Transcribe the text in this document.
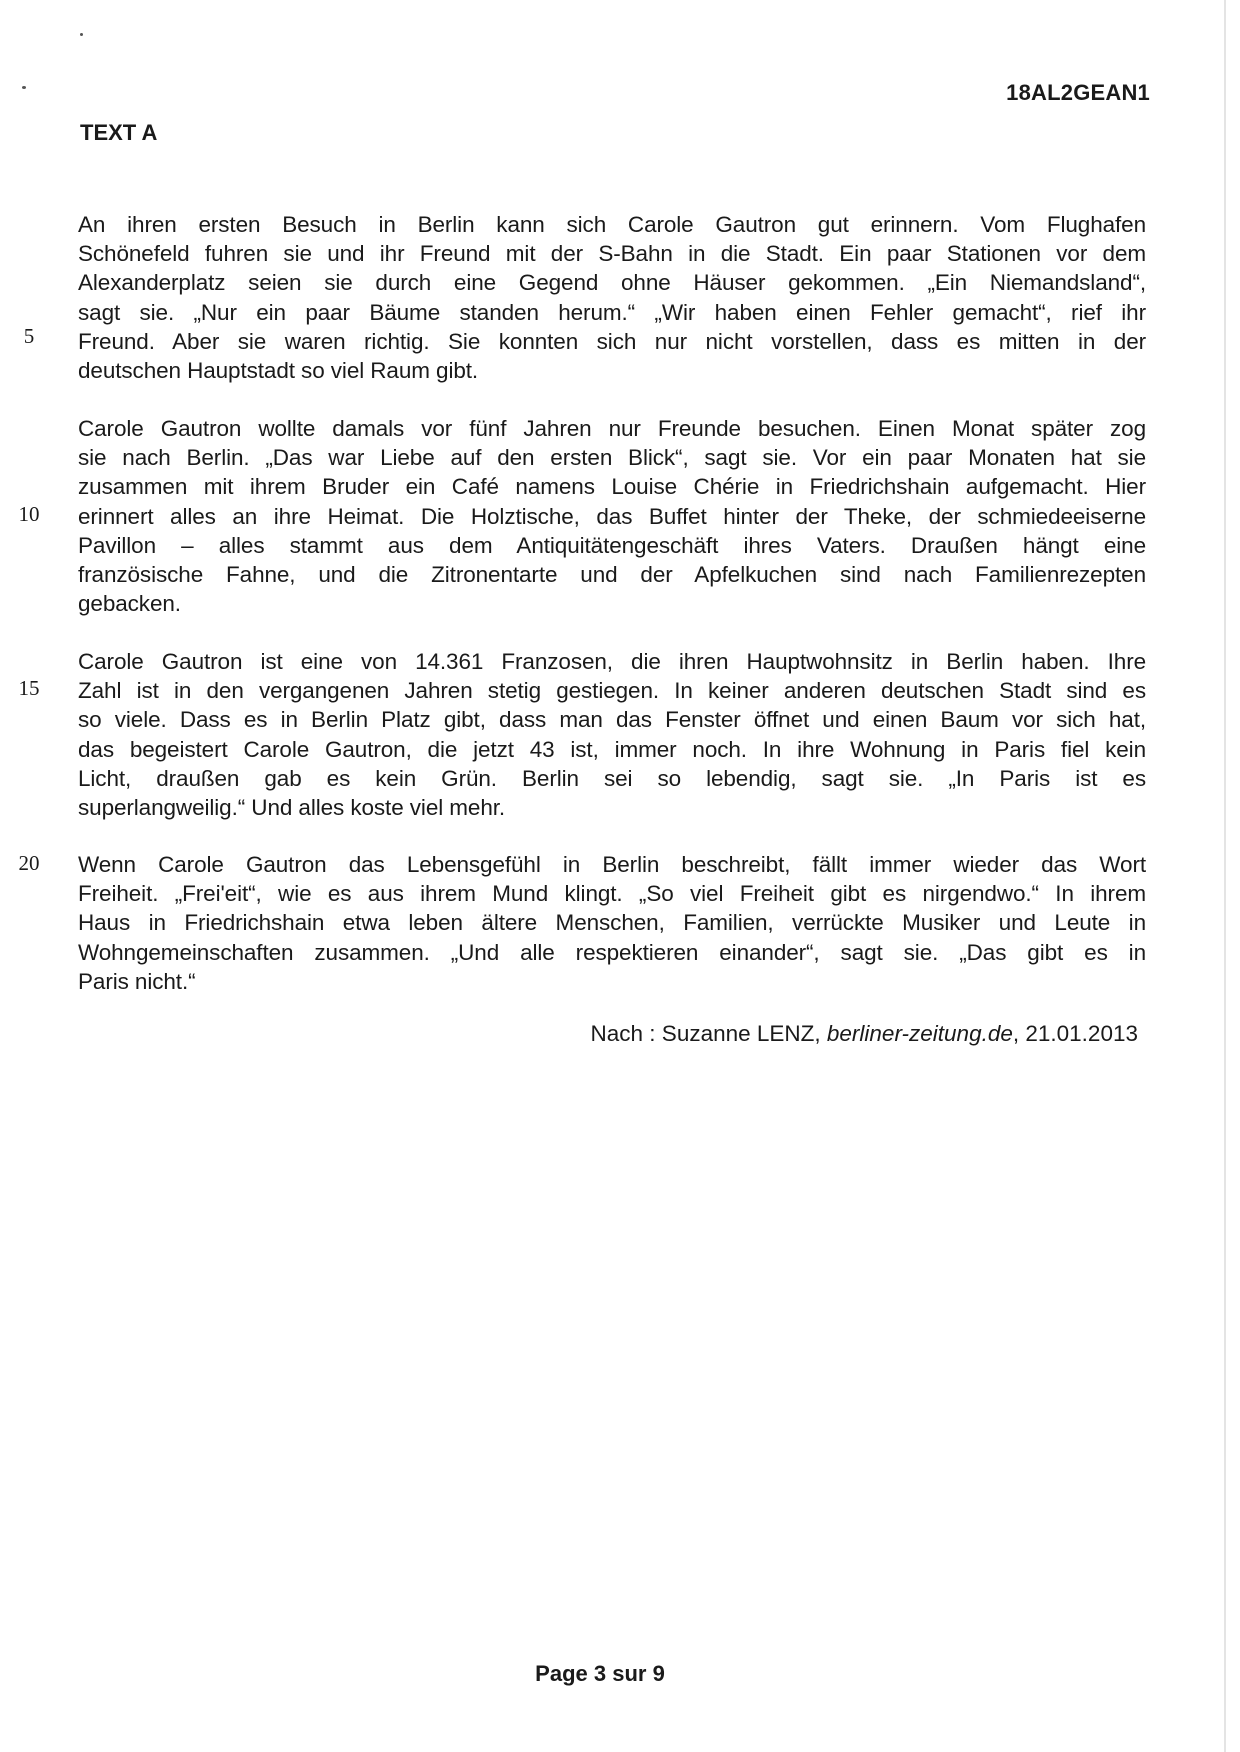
18AL2GEAN1
TEXT A
An ihren ersten Besuch in Berlin kann sich Carole Gautron gut erinnern. Vom Flughafen
Schönefeld fuhren sie und ihr Freund mit der S-Bahn in die Stadt. Ein paar Stationen vor dem
Alexanderplatz seien sie durch eine Gegend ohne Häuser gekommen. „Ein Niemandsland“,
sagt sie. „Nur ein paar Bäume standen herum.“ „Wir haben einen Fehler gemacht“, rief ihr
Freund. Aber sie waren richtig. Sie konnten sich nur nicht vorstellen, dass es mitten in der
deutschen Hauptstadt so viel Raum gibt.
Carole Gautron wollte damals vor fünf Jahren nur Freunde besuchen. Einen Monat später zog
sie nach Berlin. „Das war Liebe auf den ersten Blick“, sagt sie. Vor ein paar Monaten hat sie
zusammen mit ihrem Bruder ein Café namens Louise Chérie in Friedrichshain aufgemacht. Hier
erinnert alles an ihre Heimat. Die Holztische, das Buffet hinter der Theke, der schmiedeeiserne
Pavillon – alles stammt aus dem Antiquitätengeschäft ihres Vaters. Draußen hängt eine
französische Fahne, und die Zitronentarte und der Apfelkuchen sind nach Familienrezepten
gebacken.
Carole Gautron ist eine von 14.361 Franzosen, die ihren Hauptwohnsitz in Berlin haben. Ihre
Zahl ist in den vergangenen Jahren stetig gestiegen. In keiner anderen deutschen Stadt sind es
so viele. Dass es in Berlin Platz gibt, dass man das Fenster öffnet und einen Baum vor sich hat,
das begeistert Carole Gautron, die jetzt 43 ist, immer noch. In ihre Wohnung in Paris fiel kein
Licht, draußen gab es kein Grün. Berlin sei so lebendig, sagt sie. „In Paris ist es
superlangweilig.“ Und alles koste viel mehr.
Wenn Carole Gautron das Lebensgefühl in Berlin beschreibt, fällt immer wieder das Wort
Freiheit. „Frei'eit“, wie es aus ihrem Mund klingt. „So viel Freiheit gibt es nirgendwo.“ In ihrem
Haus in Friedrichshain etwa leben ältere Menschen, Familien, verrückte Musiker und Leute in
Wohngemeinschaften zusammen. „Und alle respektieren einander“, sagt sie. „Das gibt es in
Paris nicht.“
5
10
15
20
Nach : Suzanne LENZ, berliner-zeitung.de, 21.01.2013
Page 3 sur 9
